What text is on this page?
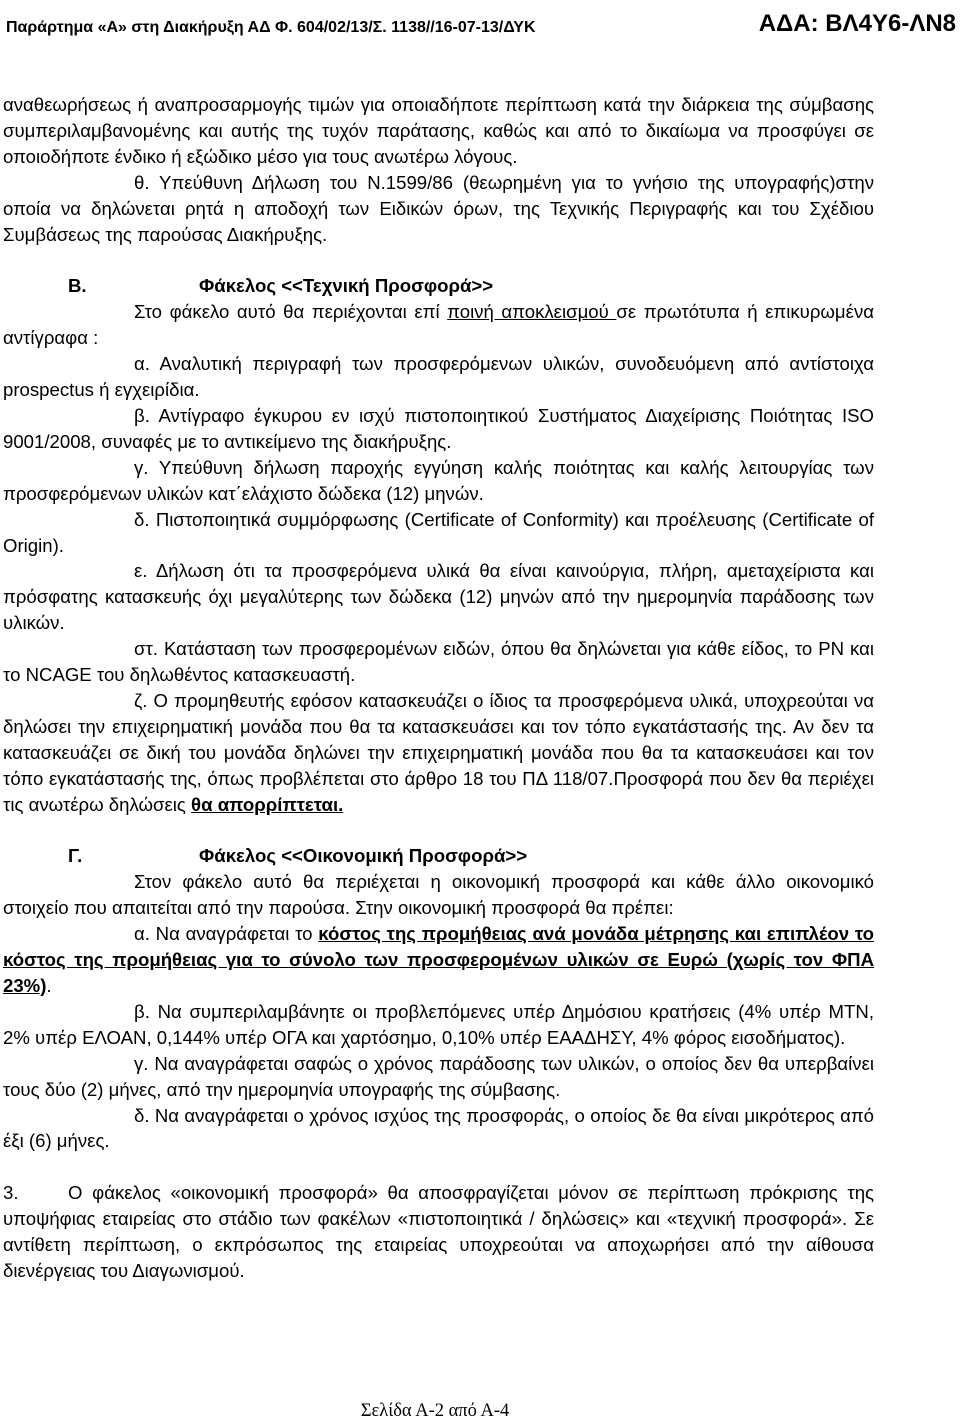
Παράρτημα «Α» στη Διακήρυξη ΑΔ Φ. 604/02/13/Σ. 1138//16-07-13/ΔΥΚ	ΑΔΑ: ΒΛ4Υ6-ΛΝ8

αναθεωρήσεως ή αναπροσαρμογής τιμών για οποιαδήποτε περίπτωση κατά την διάρκεια της σύμβασης συμπεριλαμβανομένης και αυτής της τυχόν παράτασης, καθώς και από το δικαίωμα να προσφύγει σε οποιοδήποτε ένδικο ή εξώδικο μέσο για τους ανωτέρω λόγους.

θ. Υπεύθυνη Δήλωση του Ν.1599/86 (θεωρημένη για το γνήσιο της υπογραφής)στην οποία να δηλώνεται ρητά η αποδοχή των Ειδικών όρων, της Τεχνικής Περιγραφής και του Σχέδιου Συμβάσεως της παρούσας Διακήρυξης.

Β.	Φάκελος <<Τεχνική Προσφορά>>

Στο φάκελο αυτό θα περιέχονται επί ποινή αποκλεισμού σε πρωτότυπα ή επικυρωμένα αντίγραφα :

α. Αναλυτική περιγραφή των προσφερόμενων υλικών, συνοδευόμενη από αντίστοιχα prospectus ή εγχειρίδια.

β. Αντίγραφο έγκυρου εν ισχύ πιστοποιητικού Συστήματος Διαχείρισης Ποιότητας ISO 9001/2008, συναφές με το αντικείμενο της διακήρυξης.

γ. Υπεύθυνη δήλωση παροχής εγγύηση καλής ποιότητας και καλής λειτουργίας των προσφερόμενων υλικών κατ΄ελάχιστο δώδεκα (12) μηνών.

δ. Πιστοποιητικά συμμόρφωσης (Certificate of Conformity) και προέλευσης (Certificate of Origin).

ε. Δήλωση ότι τα προσφερόμενα υλικά θα είναι καινούργια, πλήρη, αμεταχείριστα και πρόσφατης κατασκευής όχι μεγαλύτερης των δώδεκα (12) μηνών από την ημερομηνία παράδοσης των υλικών.

στ. Κατάσταση των προσφερομένων ειδών, όπου θα δηλώνεται για κάθε είδος, το PN και το NCAGE του δηλωθέντος κατασκευαστή.

ζ. Ο προμηθευτής εφόσον κατασκευάζει ο ίδιος τα προσφερόμενα υλικά, υποχρεούται να δηλώσει την επιχειρηματική μονάδα που θα τα κατασκευάσει και τον τόπο εγκατάστασής της. Αν δεν τα κατασκευάζει σε δική του μονάδα δηλώνει την επιχειρηματική μονάδα που θα τα κατασκευάσει και τον τόπο εγκατάστασής της, όπως προβλέπεται στο άρθρο 18 του ΠΔ 118/07.Προσφορά που δεν θα περιέχει τις ανωτέρω δηλώσεις θα απορρίπτεται.

Γ.	Φάκελος <<Οικονομική Προσφορά>>

Στον φάκελο αυτό θα περιέχεται η οικονομική προσφορά και κάθε άλλο οικονομικό στοιχείο που απαιτείται από την παρούσα. Στην οικονομική προσφορά θα πρέπει:

α. Να αναγράφεται το κόστος της προμήθειας ανά μονάδα μέτρησης και επιπλέον το κόστος της προμήθειας για το σύνολο των προσφερομένων υλικών σε Ευρώ (χωρίς τον ΦΠΑ 23%).

β. Να συμπεριλαμβάνητε οι προβλεπόμενες υπέρ Δημόσιου κρατήσεις (4% υπέρ ΜΤΝ, 2% υπέρ ΕΛΟΑΝ, 0,144% υπέρ ΟΓΑ και χαρτόσημο, 0,10% υπέρ ΕΑΑΔΗΣΥ, 4% φόρος εισοδήματος).

γ. Να αναγράφεται σαφώς ο χρόνος παράδοσης των υλικών, ο οποίος δεν θα υπερβαίνει τους δύο (2) μήνες, από την ημερομηνία υπογραφής της σύμβασης.

δ. Να αναγράφεται ο χρόνος ισχύος της προσφοράς, ο οποίος δε θα είναι μικρότερος από έξι (6) μήνες.

3.	Ο φάκελος «οικονομική προσφορά» θα αποσφραγίζεται μόνον σε περίπτωση πρόκρισης της υποψήφιας εταιρείας στο στάδιο των φακέλων «πιστοποιητικά / δηλώσεις» και «τεχνική προσφορά». Σε αντίθετη περίπτωση, ο εκπρόσωπος της εταιρείας υποχρεούται να αποχωρήσει από την αίθουσα διενέργειας του Διαγωνισμού.

Σελίδα Α-2 από Α-4
